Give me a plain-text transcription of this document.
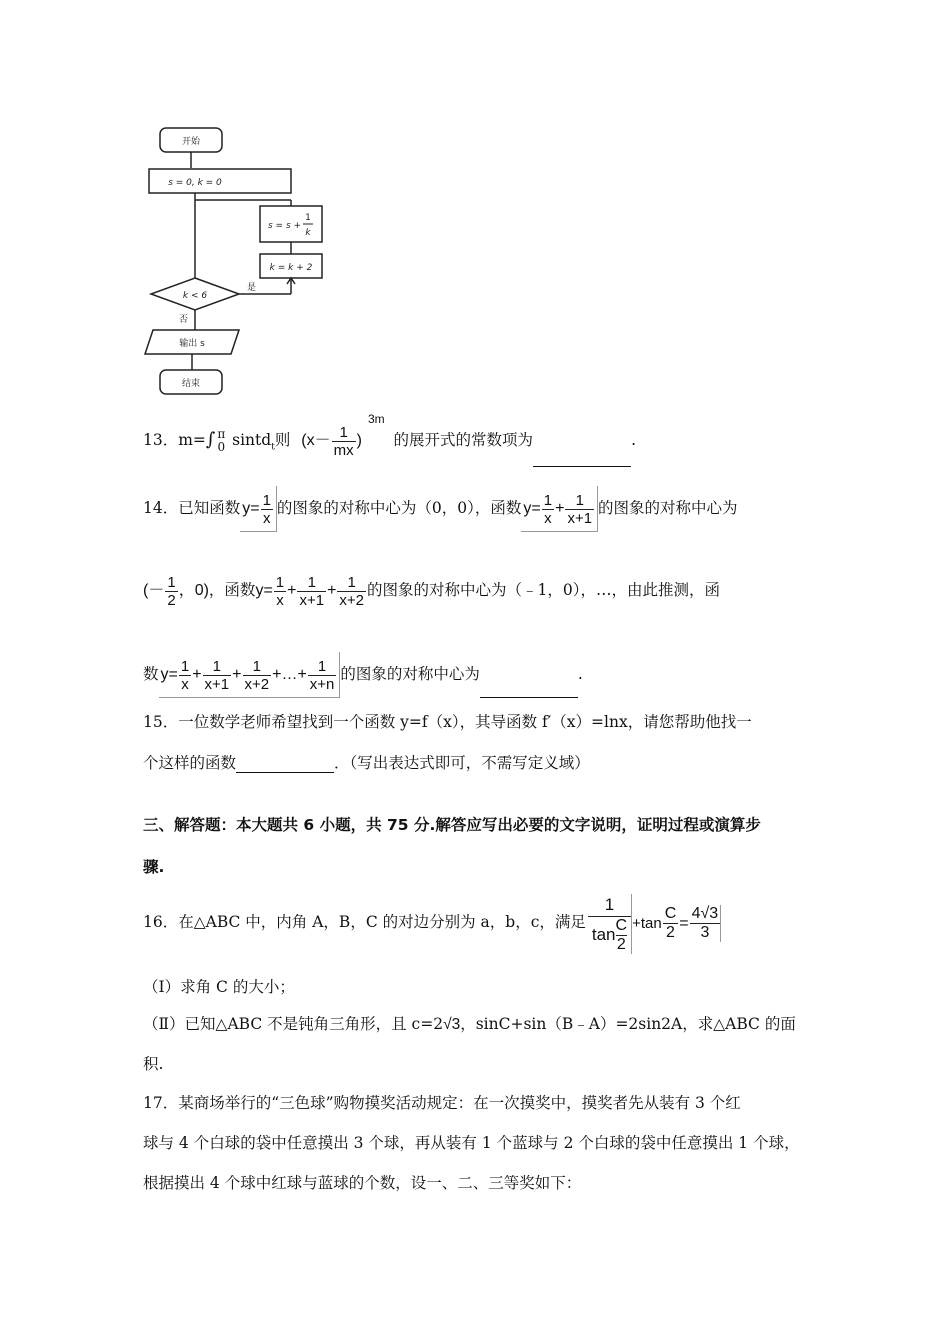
开始
s = 0, k = 0
s = s +
1
k
k = k + 2
k < 6
是
否
输出 s
结束
13．m=∫ π
0 sintd$_t$则 $(x- \frac{1}{mx} )^{3m}$ 的展开式的常数项为	.
14．已知函数 $y= \frac{1}{x}$ 的图象的对称中心为（0，0），函数 $y= \frac{1}{x} + \frac{1}{x+1}$ 的图象的对称中心为
(－ $\frac{1}{2}$ ，0)，函数$y= \frac{1}{x} + \frac{1}{x+1} + \frac{1}{x+2}$ 的图象的对称中心为（﹣1，0），…，由此推测，函
数 $y= \frac{1}{x} + \frac{1}{x+1} + \frac{1}{x+2}$ +…+ $\frac{1}{x+n}$ 的图象的对称中心为	.
15．一位数学老师希望找到一个函数 y=f（x），其导函数 f′（x）=lnx，请您帮助他找一
个这样的函数	．（写出表达式即可，不需写定义域）
三、解答题：本大题共 6 小题，共 75 分.解答应写出必要的文字说明，证明过程或演算步
骤.
16．在△ABC 中，内角 A，B，C 的对边分别为 a，b，c，满足 $\frac{1}{\tan \frac{C}{2}} +\tan \frac{C}{2} = \frac{4√3}{3}$
（Ⅰ）求角 C 的大小；
（Ⅱ）已知△ABC 不是钝角三角形，且 c=2√3，sinC+sin（B﹣A）=2sin2A，求△ABC 的面
积.
17．某商场举行的“三色球”购物摸奖活动规定：在一次摸奖中，摸奖者先从装有 3 个红
球与 4 个白球的袋中任意摸出 3 个球，再从装有 1 个蓝球与 2 个白球的袋中任意摸出 1 个球，
根据摸出 4 个球中红球与蓝球的个数，设一、二、三等奖如下：
